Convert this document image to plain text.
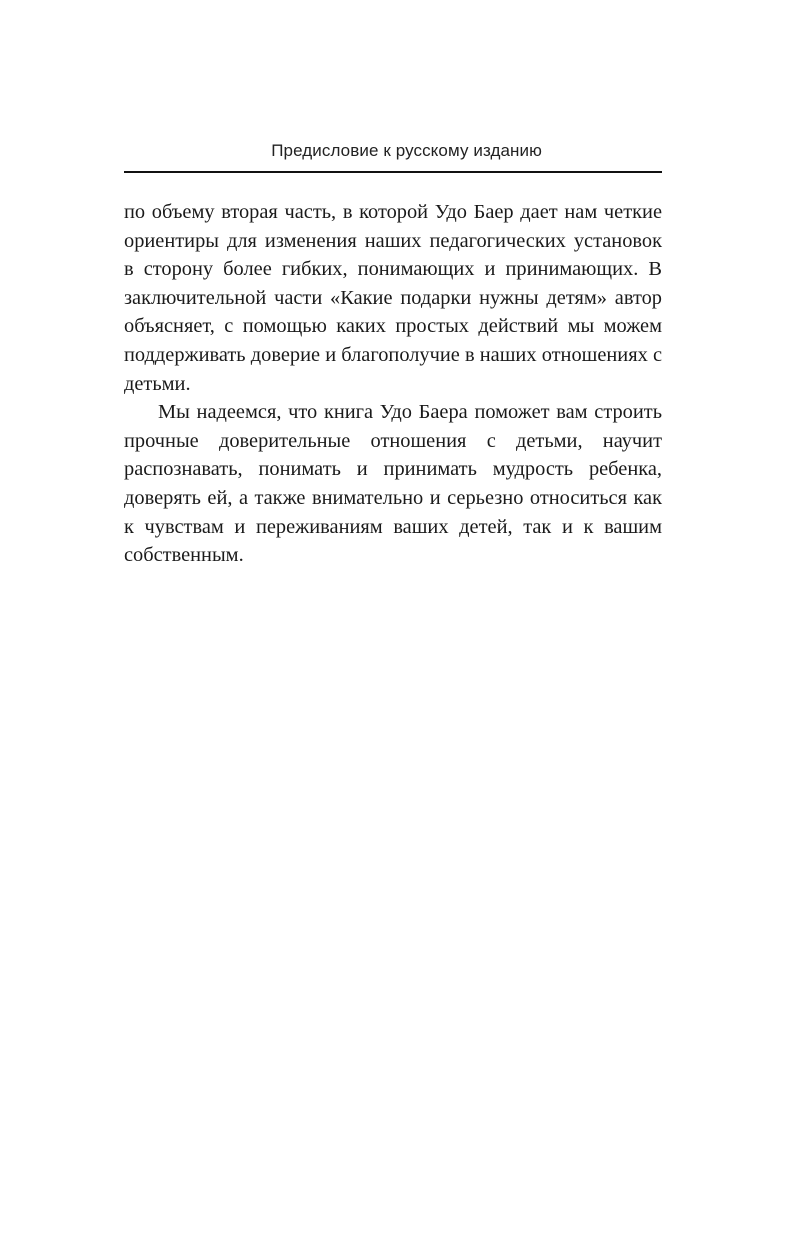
Предисловие к русскому изданию

по объему вторая часть, в которой Удо Баер дает нам четкие ориентиры для изменения наших педагогических установок в сторону более гибких, понимающих и принимающих. В заключительной части «Какие подарки нужны детям» автор объясняет, с помощью каких простых действий мы можем поддерживать доверие и благополучие в наших отношениях с детьми.

Мы надеемся, что книга Удо Баера поможет вам строить прочные доверительные отношения с детьми, научит распознавать, понимать и принимать мудрость ребенка, доверять ей, а также внимательно и серьезно относиться как к чувствам и переживаниям ваших детей, так и к вашим собственным.
